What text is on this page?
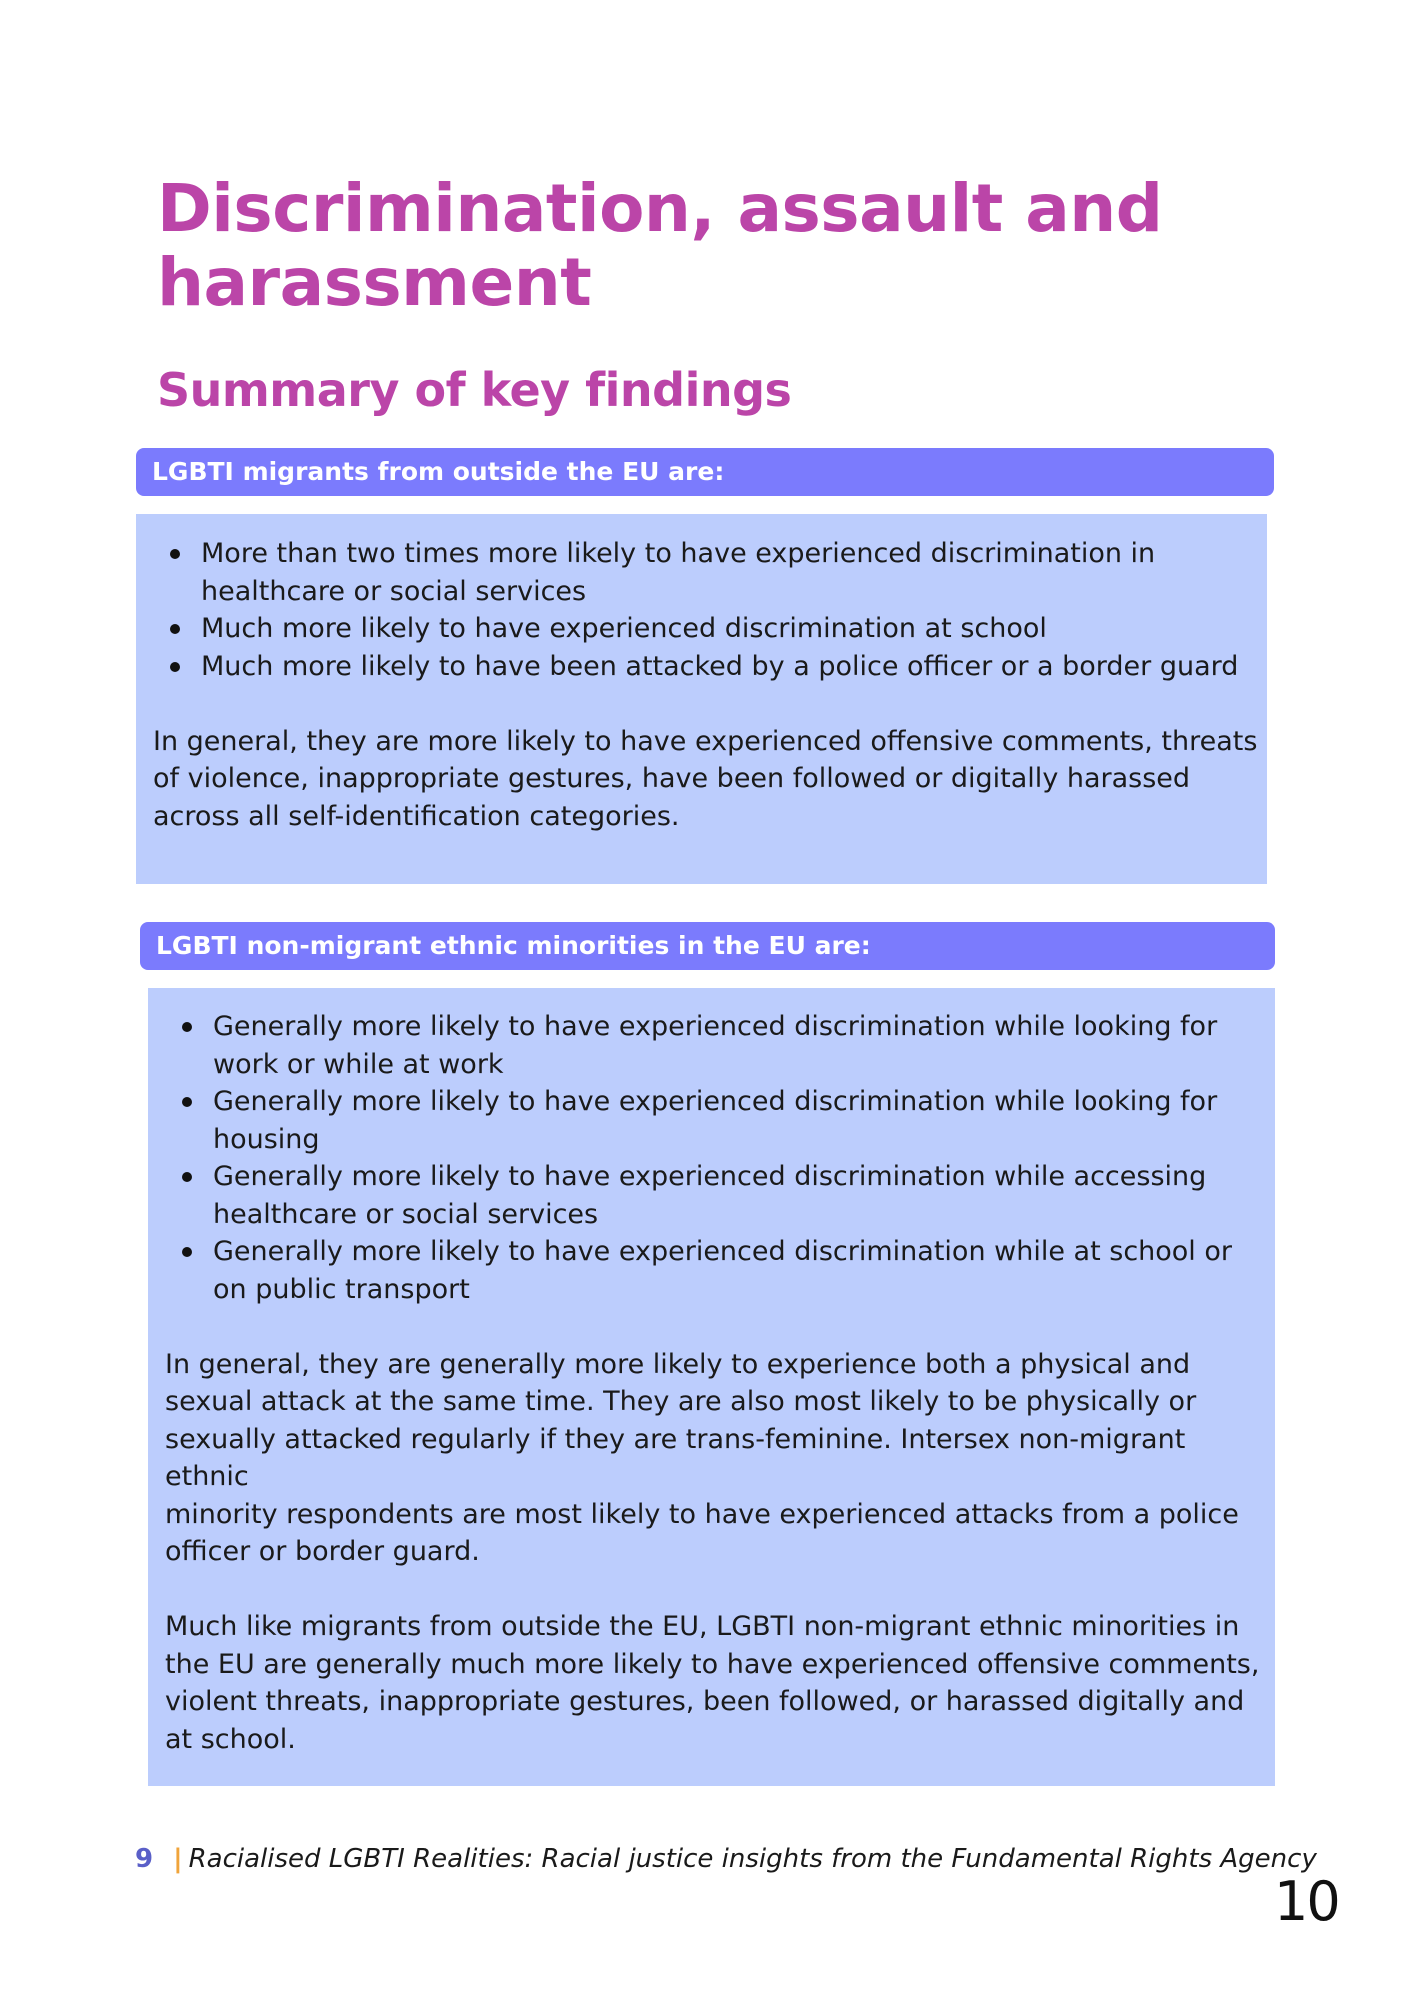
Discrimination, assault and
harassment
Summary of key findings
LGBTI migrants from outside the EU are:
More than two times more likely to have experienced discrimination in
healthcare or social services
Much more likely to have experienced discrimination at school
Much more likely to have been attacked by a police officer or a border guard

In general, they are more likely to have experienced offensive comments, threats
of violence, inappropriate gestures, have been followed or digitally harassed
across all self-identification categories.

LGBTI non-migrant ethnic minorities in the EU are:
Generally more likely to have experienced discrimination while looking for
work or while at work
Generally more likely to have experienced discrimination while looking for
housing
Generally more likely to have experienced discrimination while accessing
healthcare or social services
Generally more likely to have experienced discrimination while at school or
on public transport

In general, they are generally more likely to experience both a physical and
sexual attack at the same time. They are also most likely to be physically or
sexually attacked regularly if they are trans-feminine. Intersex non-migrant ethnic
minority respondents are most likely to have experienced attacks from a police
officer or border guard.

Much like migrants from outside the EU, LGBTI non-migrant ethnic minorities in
the EU are generally much more likely to have experienced offensive comments,
violent threats, inappropriate gestures, been followed, or harassed digitally and
at school.

9 | Racialised LGBTI Realities: Racial justice insights from the Fundamental Rights Agency
10
